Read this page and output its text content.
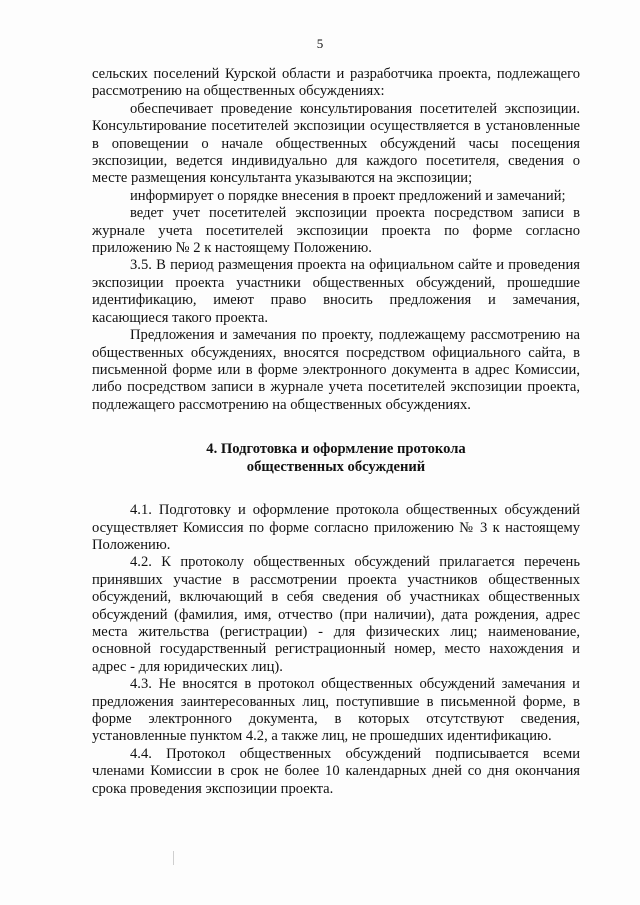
5

сельских поселений Курской области и разработчика проекта, подлежащего рассмотрению на общественных обсуждениях:

обеспечивает проведение консультирования посетителей экспозиции. Консультирование посетителей экспозиции осуществляется в установленные в оповещении о начале общественных обсуждений часы посещения экспозиции, ведется индивидуально для каждого посетителя, сведения о месте размещения консультанта указываются на экспозиции;

информирует о порядке внесения в проект предложений и замечаний;

ведет учет посетителей экспозиции проекта посредством записи в журнале учета посетителей экспозиции проекта по форме согласно приложению № 2 к настоящему Положению.

3.5. В период размещения проекта на официальном сайте и проведения экспозиции проекта участники общественных обсуждений, прошедшие идентификацию, имеют право вносить предложения и замечания, касающиеся такого проекта.

Предложения и замечания по проекту, подлежащему рассмотрению на общественных обсуждениях, вносятся посредством официального сайта, в письменной форме или в форме электронного документа в адрес Комиссии, либо посредством записи в журнале учета посетителей экспозиции проекта, подлежащего рассмотрению на общественных обсуждениях.

4. Подготовка и оформление протокола
общественных обсуждений

4.1. Подготовку и оформление протокола общественных обсуждений осуществляет Комиссия по форме согласно приложению № 3 к настоящему Положению.

4.2. К протоколу общественных обсуждений прилагается перечень принявших участие в рассмотрении проекта участников общественных обсуждений, включающий в себя сведения об участниках общественных обсуждений (фамилия, имя, отчество (при наличии), дата рождения, адрес места жительства (регистрации) - для физических лиц; наименование, основной государственный регистрационный номер, место нахождения и адрес - для юридических лиц).

4.3. Не вносятся в протокол общественных обсуждений замечания и предложения заинтересованных лиц, поступившие в письменной форме, в форме электронного документа, в которых отсутствуют сведения, установленные пунктом 4.2, а также лиц, не прошедших идентификацию.

4.4. Протокол общественных обсуждений подписывается всеми членами Комиссии в срок не более 10 календарных дней со дня окончания срока проведения экспозиции проекта.
